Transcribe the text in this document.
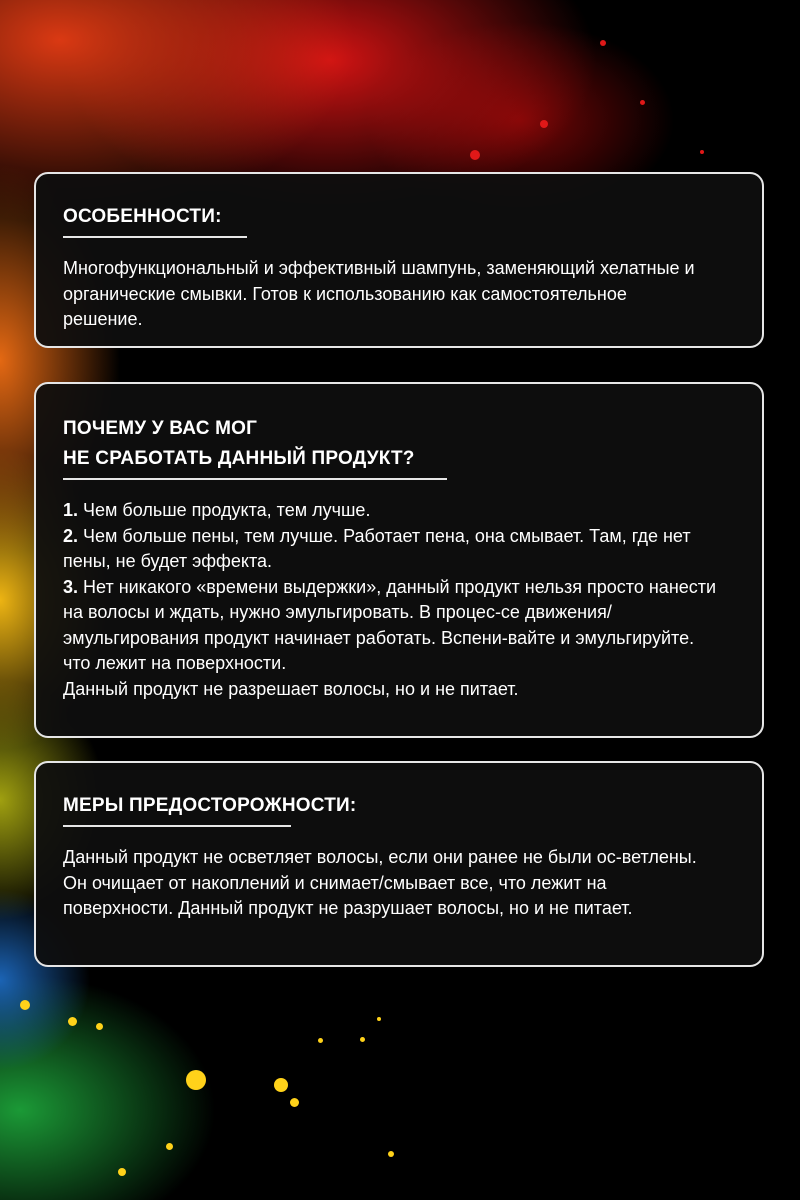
ОСОБЕННОСТИ:

Многофункциональный и эффективный шампунь, заменяющий хелатные и органические смывки. Готов к использованию как самостоятельное решение.

ПОЧЕМУ У ВАС МОГ
НЕ СРАБОТАТЬ ДАННЫЙ ПРОДУКТ?

1. Чем больше продукта, тем лучше.

2. Чем больше пены, тем лучше. Работает пена, она смывает. Там, где нет пены, не будет эффекта.

3. Нет никакого «времени выдержки», данный продукт нельзя просто нанести на волосы и ждать, нужно эмульгировать. В процес-се движения/эмульгирования продукт начинает работать. Вспени-вайте и эмульгируйте.

что лежит на поверхности.

Данный продукт не разрешает волосы, но и не питает.

МЕРЫ ПРЕДОСТОРОЖНОСТИ:

Данный продукт не осветляет волосы, если они ранее не были ос-ветлены. Он очищает от накоплений и снимает/смывает все, что лежит на поверхности. Данный продукт не разрушает волосы, но и не питает.
